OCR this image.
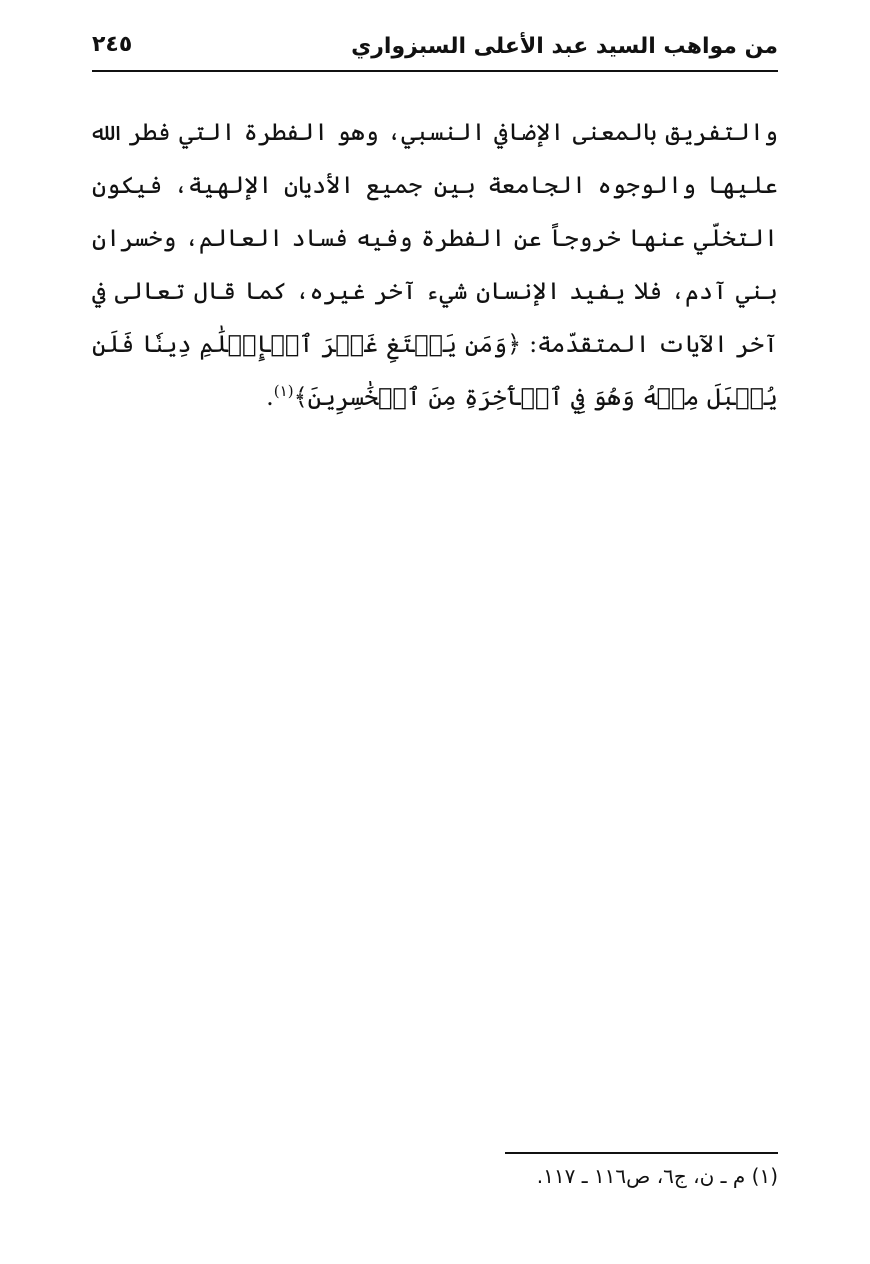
من مواهب السيد عبد الأعلى السبزواري
٢٤٥

والتفريق بالمعنى الإضافي النسبي، وهو الفطرة التي فطر الله عليها والوجوه الجامعة بين جميع الأديان الإلهية، فيكون التخلّي عنها خروجاً عن الفطرة وفيه فساد العالم، وخسران بني آدم، فلا يفيد الإنسان شيء آخر غيره، كما قال تعالى في آخر الآيات المتقدّمة: ﴿وَمَن يَبۡتَغِ غَيۡرَ ٱلۡإِسۡلَٰمِ دِينٗا فَلَن يُقۡبَلَ مِنۡهُ وَهُوَ فِي ٱلۡأٓخِرَةِ مِنَ ٱلۡخَٰسِرِينَ﴾$^{(١)}$.

(١) م ـ ن، ج٦، ص١١٦ ـ ١١٧.
